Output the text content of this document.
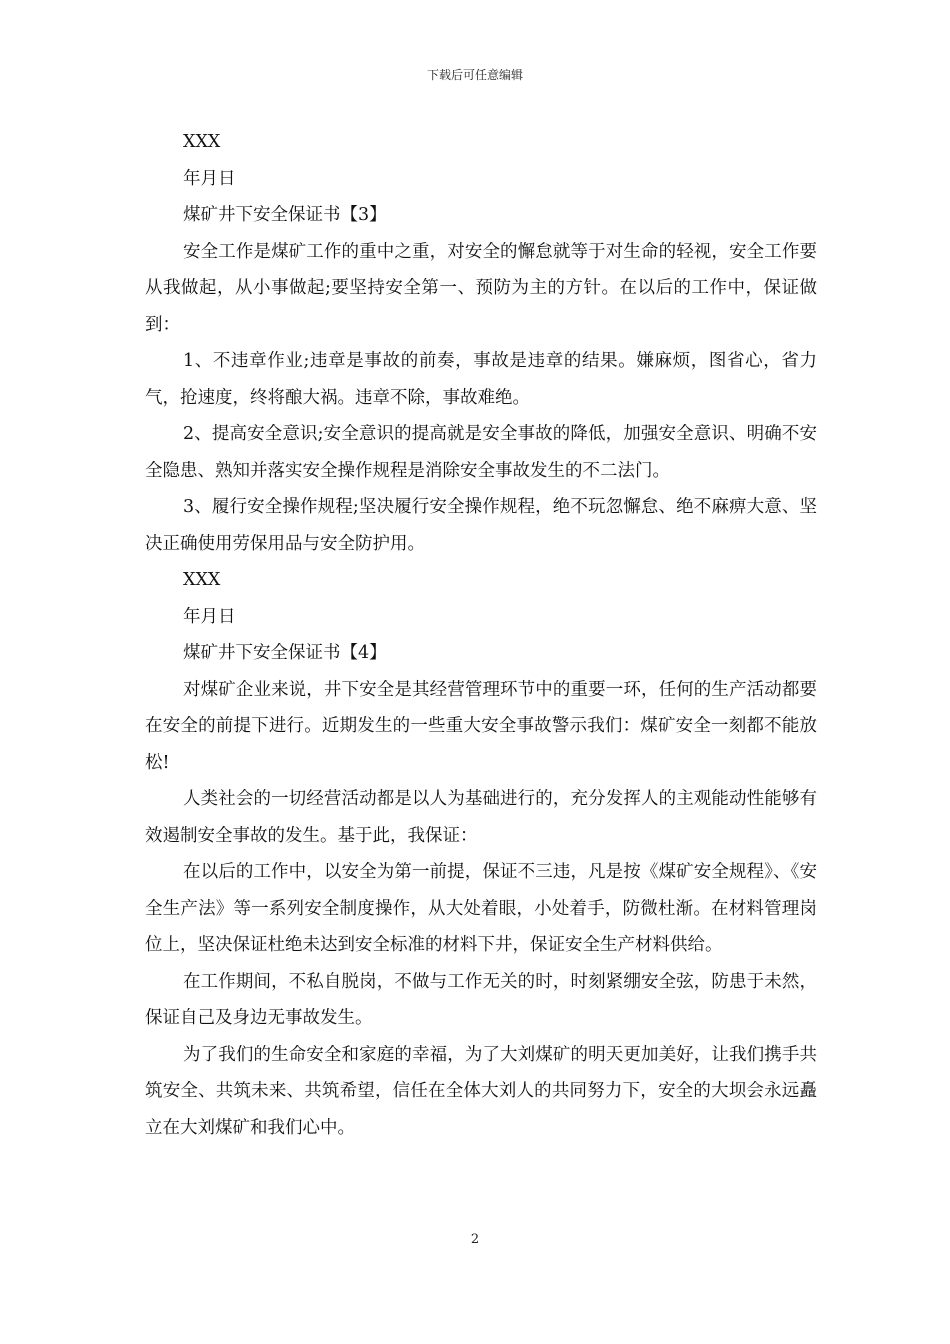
下载后可任意编辑

XXX

年月日

煤矿井下安全保证书【3】

安全工作是煤矿工作的重中之重，对安全的懈怠就等于对生命的轻视，安全工作要从我做起，从小事做起;要坚持安全第一、预防为主的方针。在以后的工作中，保证做到：

1、不违章作业;违章是事故的前奏，事故是违章的结果。嫌麻烦，图省心，省力气，抢速度，终将酿大祸。违章不除，事故难绝。

2、提高安全意识;安全意识的提高就是安全事故的降低，加强安全意识、明确不安全隐患、熟知并落实安全操作规程是消除安全事故发生的不二法门。

3、履行安全操作规程;坚决履行安全操作规程，绝不玩忽懈怠、绝不麻痹大意、坚决正确使用劳保用品与安全防护用。

XXX

年月日

煤矿井下安全保证书【4】

对煤矿企业来说，井下安全是其经营管理环节中的重要一环，任何的生产活动都要在安全的前提下进行。近期发生的一些重大安全事故警示我们：煤矿安全一刻都不能放松!

人类社会的一切经营活动都是以人为基础进行的，充分发挥人的主观能动性能够有效遏制安全事故的发生。基于此，我保证：

在以后的工作中，以安全为第一前提，保证不三违，凡是按《煤矿安全规程》、《安全生产法》等一系列安全制度操作，从大处着眼，小处着手，防微杜渐。在材料管理岗位上，坚决保证杜绝未达到安全标准的材料下井，保证安全生产材料供给。

在工作期间，不私自脱岗，不做与工作无关的时，时刻紧绷安全弦，防患于未然，保证自己及身边无事故发生。

为了我们的生命安全和家庭的幸福，为了大刘煤矿的明天更加美好，让我们携手共筑安全、共筑未来、共筑希望，信任在全体大刘人的共同努力下，安全的大坝会永远矗立在大刘煤矿和我们心中。

2
